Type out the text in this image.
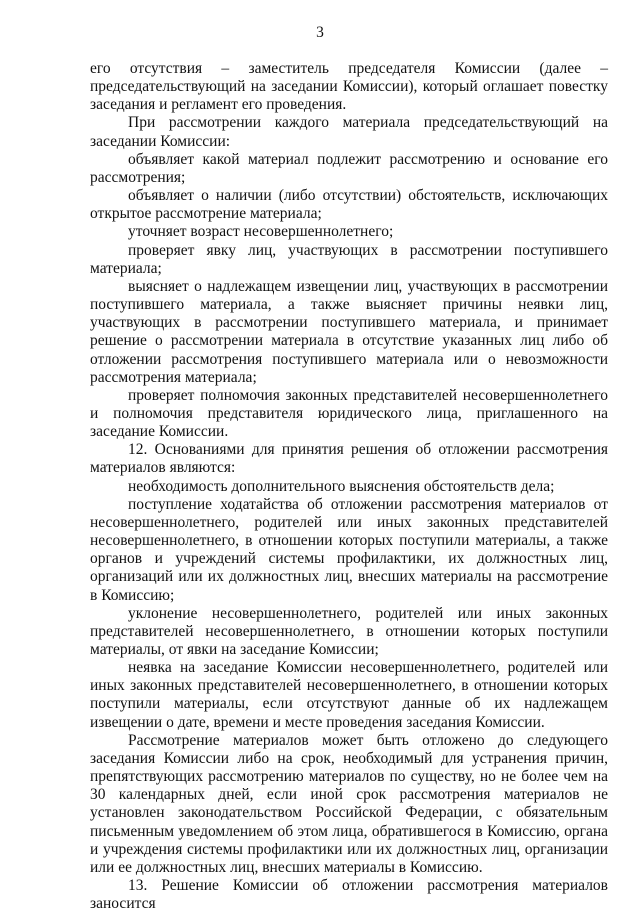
3

его отсутствия – заместитель председателя Комиссии (далее – председательствующий на заседании Комиссии), который оглашает повестку заседания и регламент его проведения.

При рассмотрении каждого материала председательствующий на заседании Комиссии:

объявляет какой материал подлежит рассмотрению и основание его рассмотрения;

объявляет о наличии (либо отсутствии) обстоятельств, исключающих открытое рассмотрение материала;

уточняет возраст несовершеннолетнего;

проверяет явку лиц, участвующих в рассмотрении поступившего материала;

выясняет о надлежащем извещении лиц, участвующих в рассмотрении поступившего материала, а также выясняет причины неявки лиц, участвующих в рассмотрении поступившего материала, и принимает решение о рассмотрении материала в отсутствие указанных лиц либо об отложении рассмотрения поступившего материала или о невозможности рассмотрения материала;

проверяет полномочия законных представителей несовершеннолетнего и полномочия представителя юридического лица, приглашенного на заседание Комиссии.

12. Основаниями для принятия решения об отложении рассмотрения материалов являются:

необходимость дополнительного выяснения обстоятельств дела;

поступление ходатайства об отложении рассмотрения материалов от несовершеннолетнего, родителей или иных законных представителей несовершеннолетнего, в отношении которых поступили материалы, а также органов и учреждений системы профилактики, их должностных лиц, организаций или их должностных лиц, внесших материалы на рассмотрение в Комиссию;

уклонение несовершеннолетнего, родителей или иных законных представителей несовершеннолетнего, в отношении которых поступили материалы, от явки на заседание Комиссии;

неявка на заседание Комиссии несовершеннолетнего, родителей или иных законных представителей несовершеннолетнего, в отношении которых поступили материалы, если отсутствуют данные об их надлежащем извещении о дате, времени и месте проведения заседания Комиссии.

Рассмотрение материалов может быть отложено до следующего заседания Комиссии либо на срок, необходимый для устранения причин, препятствующих рассмотрению материалов по существу, но не более чем на 30 календарных дней, если иной срок рассмотрения материалов не установлен законодательством Российской Федерации, с обязательным письменным уведомлением об этом лица, обратившегося в Комиссию, органа и учреждения системы профилактики или их должностных лиц, организации или ее должностных лиц, внесших материалы в Комиссию.

13. Решение Комиссии об отложении рассмотрения материалов заносится
